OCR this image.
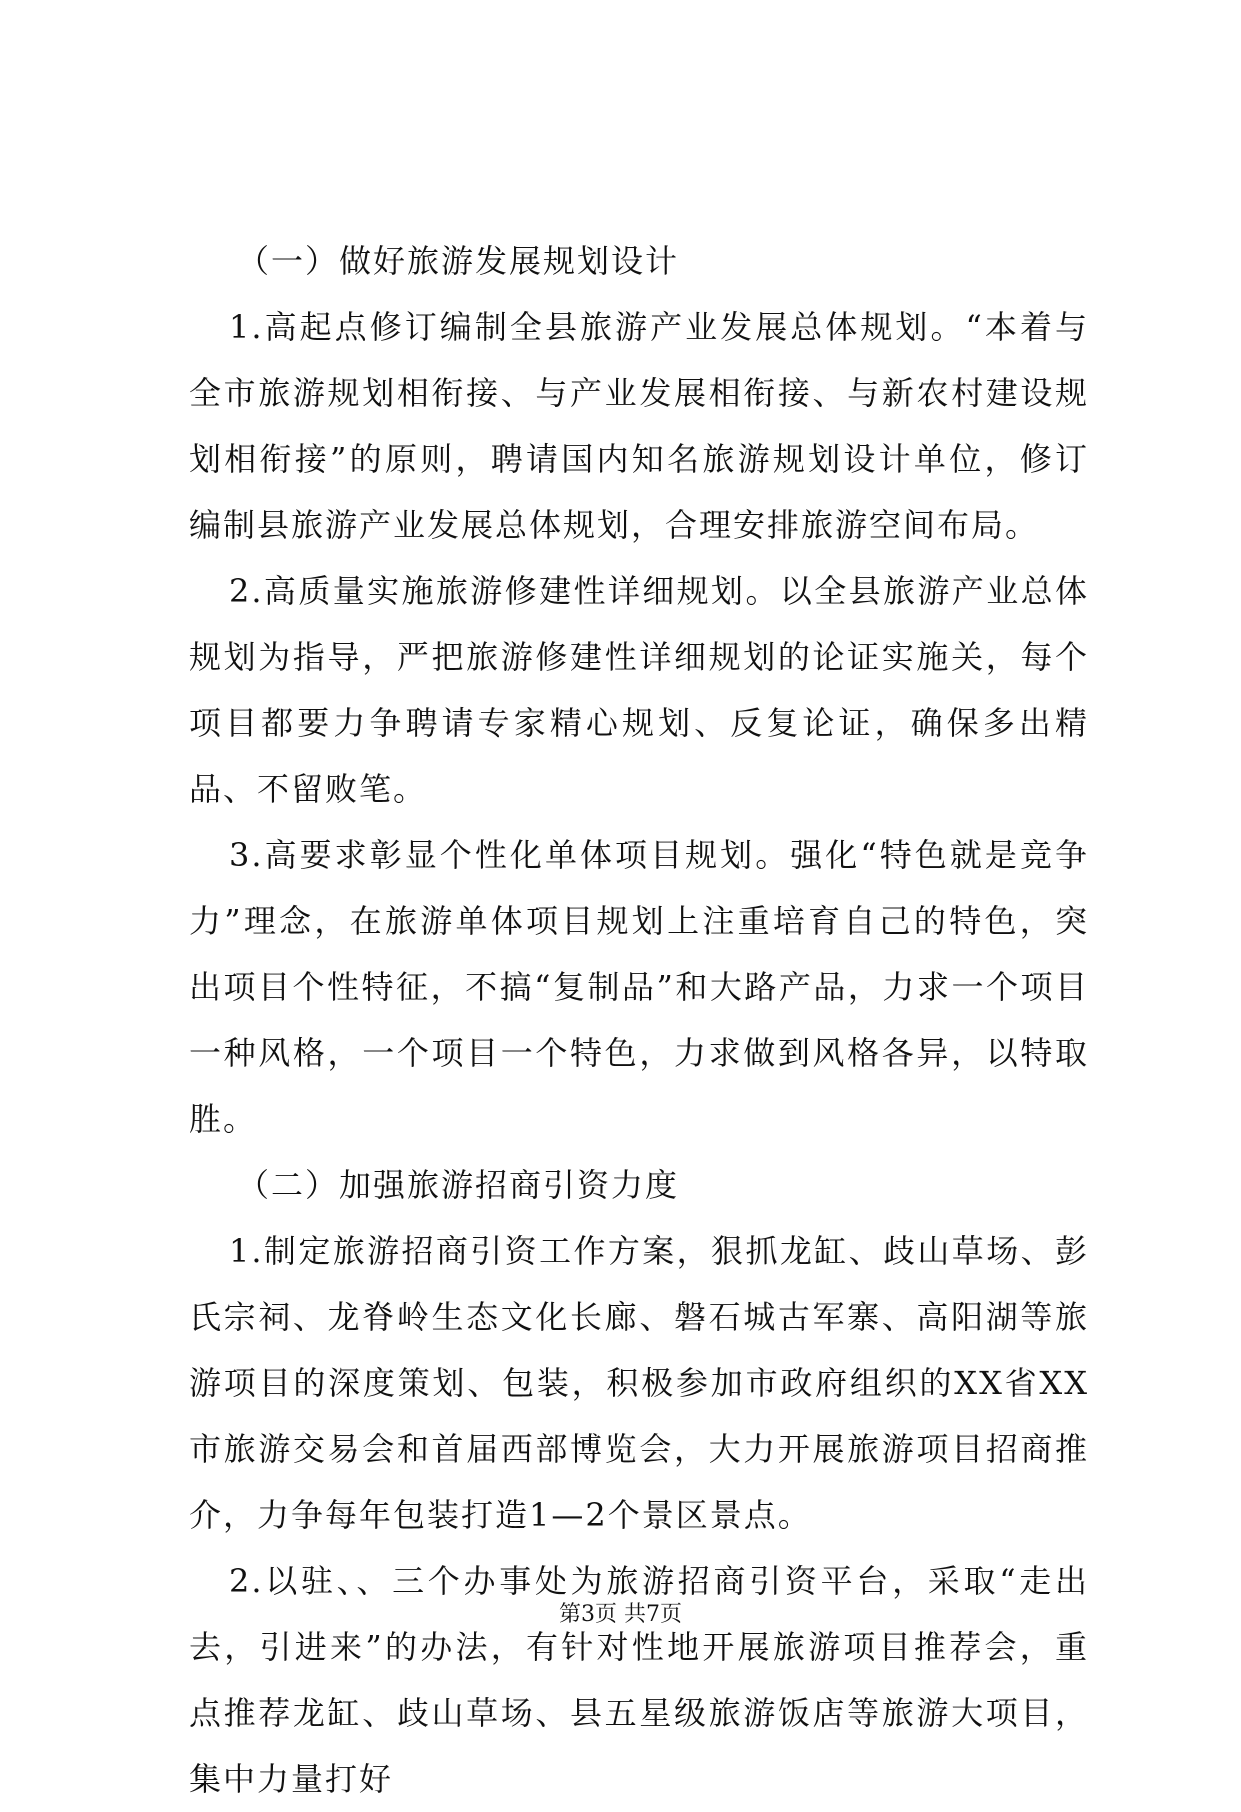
（一）做好旅游发展规划设计

1.高起点修订编制全县旅游产业发展总体规划。“本着与全市旅游规划相衔接、与产业发展相衔接、与新农村建设规划相衔接”的原则，聘请国内知名旅游规划设计单位，修订编制县旅游产业发展总体规划，合理安排旅游空间布局。

2.高质量实施旅游修建性详细规划。以全县旅游产业总体规划为指导，严把旅游修建性详细规划的论证实施关，每个项目都要力争聘请专家精心规划、反复论证，确保多出精品、不留败笔。

3.高要求彰显个性化单体项目规划。强化“特色就是竞争力”理念，在旅游单体项目规划上注重培育自己的特色，突出项目个性特征，不搞“复制品”和大路产品，力求一个项目一种风格，一个项目一个特色，力求做到风格各异，以特取胜。

（二）加强旅游招商引资力度

1.制定旅游招商引资工作方案，狠抓龙缸、歧山草场、彭氏宗祠、龙脊岭生态文化长廊、磐石城古军寨、高阳湖等旅游项目的深度策划、包装，积极参加市政府组织的XX省XX市旅游交易会和首届西部博览会，大力开展旅游项目招商推介，力争每年包装打造1—2个景区景点。

2.以驻、、三个办事处为旅游招商引资平台，采取“走出去，引进来”的办法，有针对性地开展旅游项目推荐会，重点推荐龙缸、歧山草场、县五星级旅游饭店等旅游大项目，集中力量打好

第3页 共7页
